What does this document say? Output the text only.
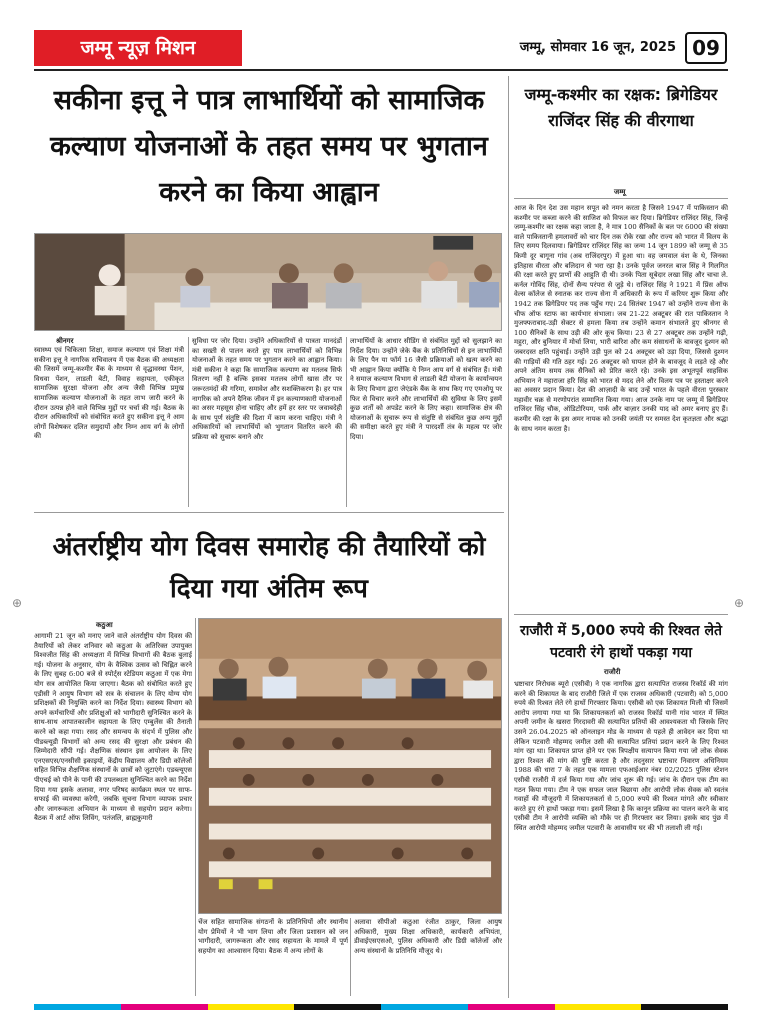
जम्मू न्यूज़ मिशन	जम्मू, सोमवार 16 जून, 2025 09
सकीना इत्तू ने पात्र लाभार्थियों को सामाजिक कल्याण योजनाओं के तहत समय पर भुगतान करने का किया आह्वान
श्रीनगर
स्वास्थ्य एवं चिकित्सा शिक्षा, समाज कल्याण एवं शिक्षा मंत्री सकीना इत्तू ने नागरिक सचिवालय में एक बैठक की अध्यक्षता की जिसमें जम्मू-कश्मीर बैंक के माध्यम से वृद्धावस्था पेंशन, विधवा पेंशन, लाडली बेटी, विवाह सहायता, एकीकृत सामाजिक सुरक्षा योजना और अन्य जैसी विभिन्न प्रमुख सामाजिक कल्याण योजनाओं के तहत लाभ जारी करने के दौरान उत्पन्न होने वाले विभिन्न मुद्दों पर चर्चा की गई। बैठक के दौरान अधिकारियों को संबोधित करते हुए सकीना इत्तू ने आम लोगों विशेषकर दलित समुदायों और निम्न आय वर्ग के लोगों की
सुविधा पर जोर दिया। उन्होंने अधिकारियों से पात्रता मानदंडों का सख्ती से पालन करते हुए पात्र लाभार्थियों को विभिन्न योजनाओं के तहत समय पर भुगतान करने का आह्वान किया। मंत्री सकीना ने कहा कि सामाजिक कल्याण का मतलब सिर्फ वितरण नहीं है बल्कि इसका मतलब लोगों खास तौर पर जरूरतमंदों की गरिमा, समावेश और सशक्तिकरण है। हर पात्र नागरिक को अपने दैनिक जीवन में इन कल्याणकारी योजनाओं का असर महसूस होना चाहिए और हमें हर स्तर पर जवाबदेही के साथ पूर्ण संतुष्टि की दिशा में काम करना चाहिए। मंत्री ने अधिकारियों को लाभार्थियों को भुगतान वितरित करने की प्रक्रिया को सुचारू बनाने और
लाभार्थियों के आधार सीडिंग से संबंधित मुद्दों को सुलझाने का निर्देश दिया। उन्होंने जेके बैंक के प्रतिनिधियों से इन लाभार्थियों के लिए पैन या फॉर्म 16 जैसी प्रक्रियाओं को खत्म करने का भी आह्वान किया क्योंकि ये निम्न आय वर्ग से संबंधित हैं। मंत्री ने समाज कल्याण विभाग से लाडली बेटी योजना के कार्यान्वयन के लिए विभाग द्वारा जेएंडके बैंक के साथ किए गए एमओयू पर फिर से विचार करने और लाभार्थियों की सुविधा के लिए इसमें कुछ शर्तों को अपडेट करने के लिए कहा। सामाजिक क्षेत्र की योजनाओं के सुचारू रूप से संतुष्टि से संबंधित कुछ अन्य मुद्दों की समीक्षा करते हुए मंत्री ने पारदर्शी तंत्र के महत्व पर जोर दिया।
अंतर्राष्ट्रीय योग दिवस समारोह की तैयारियों को दिया गया अंतिम रूप
कठुआ
आगामी 21 जून को मनाए जाने वाले अंतर्राष्ट्रीय योग दिवस की तैयारियों को लेकर शनिवार को कठुआ के अतिरिक्त उपायुक्त विश्वजीत सिंह की अध्यक्षता में विभिन्न विभागों की बैठक बुलाई गई। योजना के अनुसार, योग के वैश्विक उत्सव को चिह्नित करने के लिए सुबह 6:00 बजे से स्पोर्ट्स स्टेडियम कठुआ में एक मेगा योग सत्र आयोजित किया जाएगा। बैठक को संबोधित करते हुए एडीसी ने आयुष विभाग को सत्र के संचालन के लिए योग्य योग प्रशिक्षकों की नियुक्ति करने का निर्देश दिया। स्वास्थ्य विभाग को अपने कर्मचारियों और प्रशिक्षुओं को भागीदारी सुनिश्चित करने के साथ-साथ आपातकालीन सहायता के लिए एम्बुलेंस की तैनाती करने को कहा गया। रसद और समन्वय के संदर्भ में पुलिस और पीडब्ल्यूडी विभागों को अन्य रसद की सुरक्षा और प्रबंधन की जिम्मेदारी सौंपी गई। शैक्षणिक संस्थान इस आयोजन के लिए एनएसएस/एनसीसी इकाइयों, केंद्रीय विद्यालय और डिग्री कॉलेजों सहित विभिन्न शैक्षणिक संस्थानों के छात्रों को जुटाएंगे। एडब्ल्यूएस पीएचई को पीने के पानी की उपलब्धता सुनिश्चित करने का निर्देश दिया गया इसके अलावा, नगर परिषद कार्यक्रम स्थल पर साफ-सफाई की व्यवस्था करेगी, जबकि सूचना विभाग व्यापक प्रचार और जागरूकता अभियान के माध्यम से सहयोग प्रदान करेगा। बैठक में आर्ट ऑफ लिविंग, पतंजलि, ब्राह्मकुमारी
चेंज सहित सामाजिक संगठनों के प्रतिनिधियों और स्थानीय योग प्रेमियों ने भी भाग लिया और जिला प्रशासन को जन भागीदारी, जागरूकता और रसद सहायता के मामले में पूर्ण सहयोग का आश्वासन दिया। बैठक में अन्य लोगों के
अलावा सीपीओ कठुआ रंजीत ठाकुर, जिला आयुष अधिकारी, मुख्य शिक्षा अधिकारी, कार्यकारी अभियंता, डीवाईएसएसओ, पुलिस अधिकारी और डिग्री कॉलेजों और अन्य संस्थानों के प्रतिनिधि मौजूद थे।
जम्मू-कश्मीर का रक्षक: ब्रिगेडियर राजिंदर सिंह की वीरगाथा
जम्मू
आज के दिन देश उस महान सपूत को नमन करता है जिसने 1947 में पाकिस्तान की कश्मीर पर कब्जा करने की साजिश को विफल कर दिया। ब्रिगेडियर राजिंदर सिंह, जिन्हें जम्मू-कश्मीर का रक्षक कहा जाता है, ने मात्र 100 सैनिकों के बल पर 6000 की संख्या वाले पाकिस्तानी हमलावरों को चार दिन तक रोके रखा और राज्य को भारत में विलय के लिए समय दिलवाया। ब्रिगेडियर राजिंदर सिंह का जन्म 14 जून 1899 को जम्मू से 35 किमी दूर बागूना गांव (अब राजिंदरपुर) में हुआ था। वह जमवाल वंश के थे, जिनका इतिहास वीरता और बलिदान से भरा रहा है। उनके पूर्वज जनरल बाज सिंह ने गिलगित की रक्षा करते हुए प्राणों की आहुति दी थी। उनके पिता सूबेदार लखा सिंह और चाचा ले. कर्नल गोविंद सिंह, दोनों सैन्य परंपरा से जुड़े थे। राजिंदर सिंह ने 1921 में प्रिंस ऑफ वेल्स कॉलेज से स्नातक कर राज्य सेना में अधिकारी के रूप में करियर शुरू किया और 1942 तक ब्रिगेडियर पद तक पहुँच गए। 24 सितंबर 1947 को उन्होंने राज्य सेना के चीफ ऑफ स्टाफ का कार्यभार संभाला। जब 21-22 अक्टूबर की रात पाकिस्तान ने मुजफ्फराबाद-उड़ी सेक्टर से हमला किया तब उन्होंने कमान संभालते हुए श्रीनगर से 100 सैनिकों के साथ उड़ी की ओर कूच किया। 23 से 27 अक्टूबर तक उन्होंने गढ़ी, महुरा, और बुनियार में मोर्चा लिया, भारी बारिश और कम संसाधनों के बावजूद दुश्मन को जबरदस्त क्षति पहुंचाई। उन्होंने उड़ी पुल को 24 अक्टूबर को उड़ा दिया, जिससे दुश्मन की गाड़ियों की गति ठहर गई। 26 अक्टूबर को घायल होने के बावजूद वे लड़ते रहे और अपने अंतिम समय तक सैनिकों को प्रेरित करते रहे। उनके इस अभूतपूर्व साहसिक अभियान ने महाराजा हरि सिंह को भारत से मदद लेने और विलय पत्र पर हस्ताक्षर करने का अवसर प्रदान किया। देश की आज़ादी के बाद उन्हें भारत के पहले वीरता पुरस्कार महावीर चक्र से मरणोपरांत सम्मानित किया गया। आज उनके नाम पर जम्मू में ब्रिगेडियर राजिंदर सिंह चौक, ऑडिटोरियम, पार्क और बाज़ार उनकी याद को अमर बनाए हुए हैं। कश्मीर की रक्षा के इस अमर नायक को उनकी जयंती पर समस्त देश कृतज्ञता और श्रद्धा के साथ नमन करता है।
राजौरी में 5,000 रुपये की रिश्वत लेते पटवारी रंगे हाथों पकड़ा गया
राजौरी
भ्रष्टाचार निरोधक ब्यूरो (एसीबी) ने एक नागरिक द्वारा सत्यापित राजस्व रिकॉर्ड की मांग करने की शिकायत के बाद राजौरी जिले में एक राजस्व अधिकारी (पटवारी) को 5,000 रुपये की रिश्वत लेते रंगे हाथों गिरफ्तार किया। एसीबी को एक शिकायत मिली थी जिसमें आरोप लगाया गया था कि शिकायतकर्ता को राजस्व रिकॉर्ड यानी गांव भारत में स्थित अपनी जमीन के खसरा गिरदावरी की सत्यापित प्रतियों की आवश्यकता थी जिसके लिए उसने 26.04.2025 को ऑनलाइन मोड के माध्यम से पहले ही आवेदन कर दिया था लेकिन पटवारी मोहम्मद जमील उसी की सत्यापित प्रतियां प्रदान करने के लिए रिश्वत मांग रहा था। शिकायत प्राप्त होने पर एक त्रिपक्षीय सत्यापन किया गया जो लोक सेवक द्वारा रिश्वत की मांग की पुष्टि करता है और तदनुसार भ्रष्टाचार निवारण अधिनियम 1988 की धारा 7 के तहत एक मामला एफआईआर नंबर 02/2025 पुलिस स्टेशन एसीबी राजौरी में दर्ज किया गया और जांच शुरू की गई। जांच के दौरान एक टीम का गठन किया गया। टीम ने एक सफल जाल बिछाया और आरोपी लोक सेवक को स्वतंत्र गवाहों की मौजूदगी में शिकायतकर्ता से 5,000 रुपये की रिश्वत मांगते और स्वीकार करते हुए रंगे हाथों पकड़ा गया। इसमें लिखा है कि कानून प्रक्रिया का पालन करने के बाद एसीबी टीम ने आरोपी व्यक्ति को मौके पर ही गिरफ्तार कर लिया। इसके बाद पुंछ में स्थित आरोपी मोहम्मद जमील पटवारी के आवासीय घर की भी तलाशी ली गई।
⊕	⊕
